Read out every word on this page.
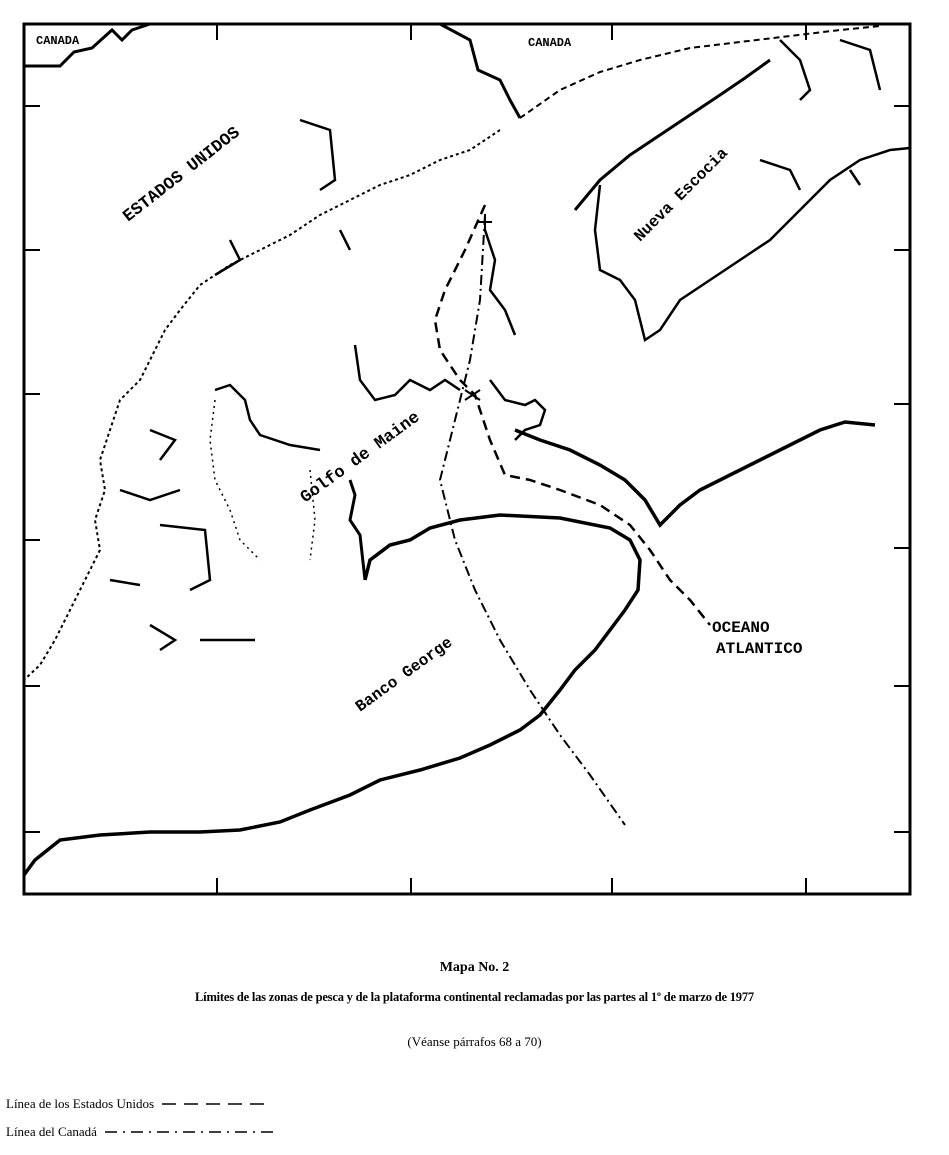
CANADA	CANADA
ESTADOS UNIDOS	Nueva Escocia
Golfo de Maine
Banco George
OCEANO
ATLANTICO
Mapa No. 2
Límites de las zonas de pesca y de la plataforma continental reclamadas por las partes al 1º de marzo de 1977
(Véanse párrafos 68 a 70)
Línea de los Estados Unidos
Línea del Canadá
